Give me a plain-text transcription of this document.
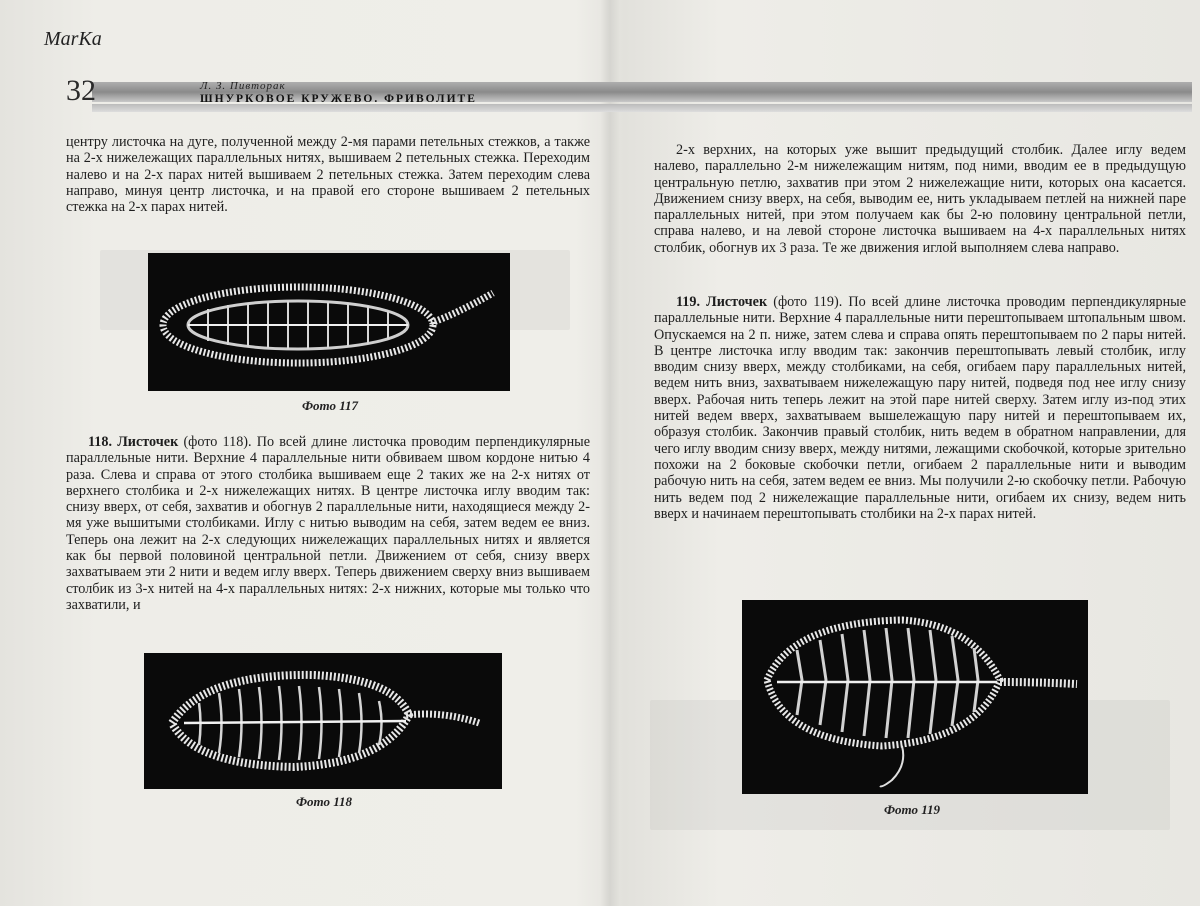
MarKa
32	Л. З. Пивторак
ШНУРКОВОЕ КРУЖЕВО. ФРИВОЛИТЕ

центру листочка на дуге, полученной между 2-мя парами петельных стежков, а также на 2-х нижележащих параллельных нитях, вышиваем 2 петельных стежка. Переходим налево и на 2-х парах нитей вышиваем 2 петельных стежка. Затем переходим слева направо, минуя центр листочка, и на правой его стороне вышиваем 2 петельных стежка на 2-х парах нитей.

Фото 117

118. Листочек (фото 118). По всей длине листочка проводим перпендикулярные параллельные нити. Верхние 4 параллельные нити обвиваем швом кордоне нитью 4 раза. Слева и справа от этого столбика вышиваем еще 2 таких же на 2-х нитях от верхнего столбика и 2-х нижележащих нитях. В центре листочка иглу вводим так: снизу вверх, от себя, захватив и обогнув 2 параллельные нити, находящиеся между 2-мя уже вышитыми столбиками. Иглу с нитью выводим на себя, затем ведем ее вниз. Теперь она лежит на 2-х следующих нижележащих параллельных нитях и является как бы первой половиной центральной петли. Движением от себя, снизу вверх захватываем эти 2 нити и ведем иглу вверх. Теперь движением сверху вниз вышиваем столбик из 3-х нитей на 4-х параллельных нитях: 2-х нижних, которые мы только что захватили, и

Фото 118

2-х верхних, на которых уже вышит предыдущий столбик. Далее иглу ведем налево, параллельно 2-м нижележащим нитям, под ними, вводим ее в предыдущую центральную петлю, захватив при этом 2 нижележащие нити, которых она касается. Движением снизу вверх, на себя, выводим ее, нить укладываем петлей на нижней паре параллельных нитей, при этом получаем как бы 2-ю половину центральной петли, справа налево, и на левой стороне листочка вышиваем на 4-х параллельных нитях столбик, обогнув их 3 раза. Те же движения иглой выполняем слева направо.

119. Листочек (фото 119). По всей длине листочка проводим перпендикулярные параллельные нити. Верхние 4 параллельные нити перештопываем штопальным швом. Опускаемся на 2 п. ниже, затем слева и справа опять перештопываем по 2 пары нитей. В центре листочка иглу вводим так: закончив перештопывать левый столбик, иглу вводим снизу вверх, между столбиками, на себя, огибаем пару параллельных нитей, ведем нить вниз, захватываем нижележащую пару нитей, подведя под нее иглу снизу вверх. Рабочая нить теперь лежит на этой паре нитей сверху. Затем иглу из-под этих нитей ведем вверх, захватываем вышележащую пару нитей и перештопываем их, образуя столбик. Закончив правый столбик, нить ведем в обратном направлении, для чего иглу вводим снизу вверх, между нитями, лежащими скобочкой, которые зрительно похожи на 2 боковые скобочки петли, огибаем 2 параллельные нити и выводим рабочую нить на себя, затем ведем ее вниз. Мы получили 2-ю скобочку петли. Рабочую нить ведем под 2 нижележащие параллельные нити, огибаем их снизу, ведем нить вверх и начинаем перештопывать столбики на 2-х парах нитей.

Фото 119
